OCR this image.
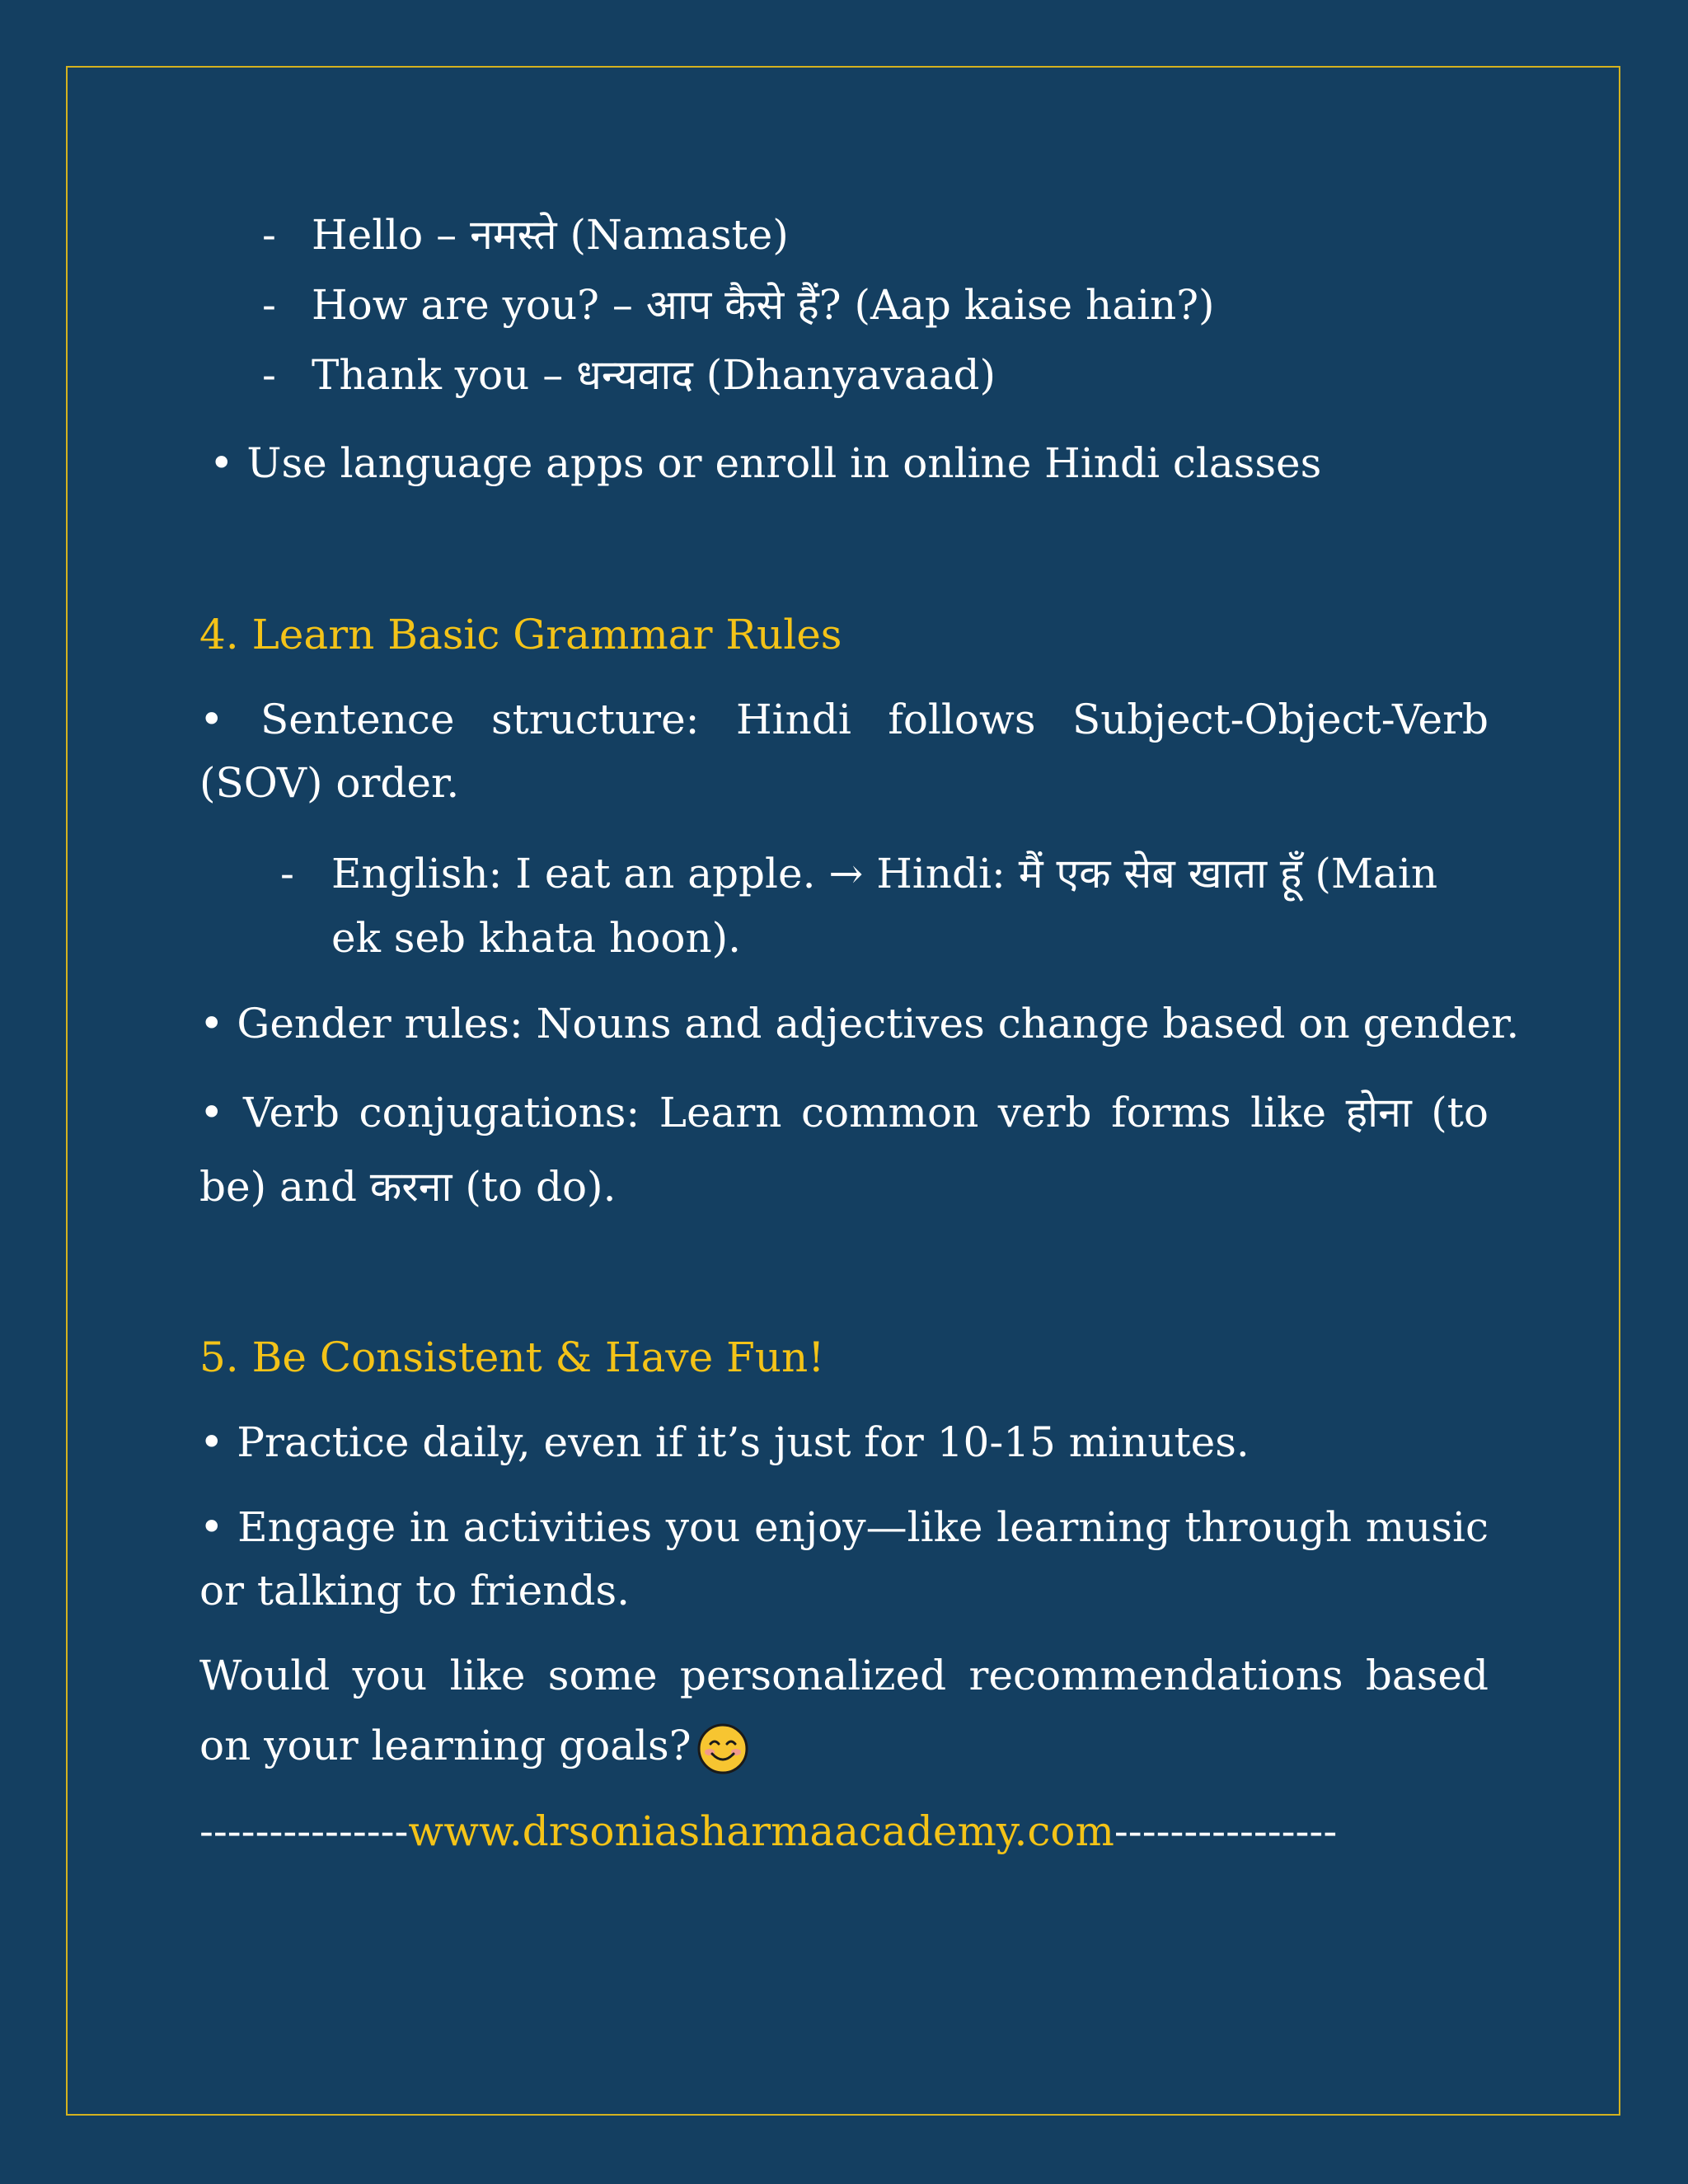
- Hello – नमस्ते (Namaste)
- How are you? – आप कैसे हैं? (Aap kaise hain?)
- Thank you – धन्यवाद (Dhanyavaad)
• Use language apps or enroll in online Hindi classes
4. Learn Basic Grammar Rules
• Sentence structure: Hindi follows Subject-Object-Verb
(SOV) order.
- English: I eat an apple. → Hindi: मैं एक सेब खाता हूँ (Main
ek seb khata hoon).
• Gender rules: Nouns and adjectives change based on gender.
• Verb conjugations: Learn common verb forms like होना (to
be) and करना (to do).
5. Be Consistent & Have Fun!
• Practice daily, even if it’s just for 10-15 minutes.
• Engage in activities you enjoy—like learning through music
or talking to friends.
Would you like some personalized recommendations based
on your learning goals?
---------------www.drsoniasharmaacademy.com----------------
